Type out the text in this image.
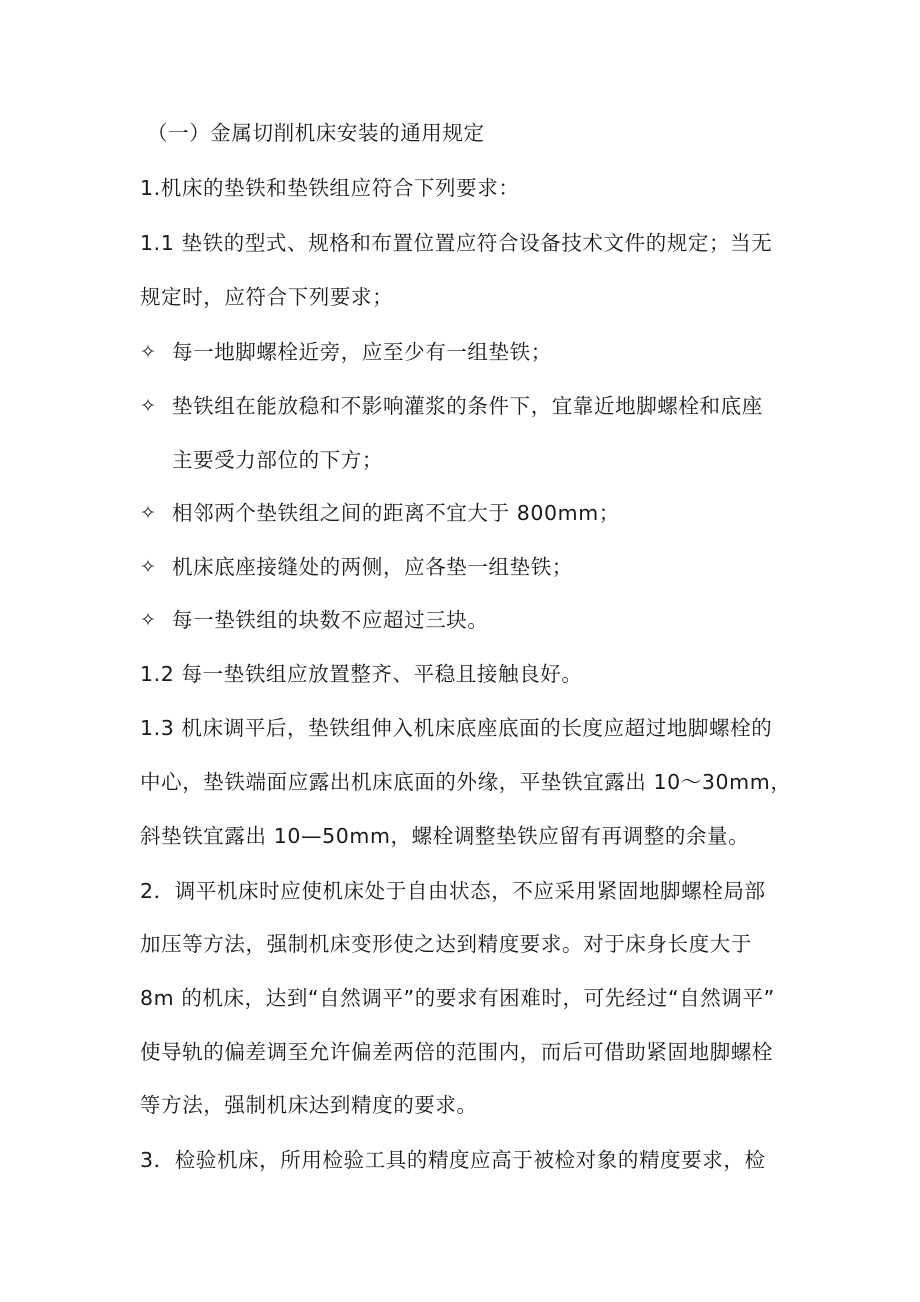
（一）金属切削机床安装的通用规定
1.机床的垫铁和垫铁组应符合下列要求：
1.1 垫铁的型式、规格和布置位置应符合设备技术文件的规定；当无
规定时，应符合下列要求；
✧ 每一地脚螺栓近旁，应至少有一组垫铁；
✧ 垫铁组在能放稳和不影响灌浆的条件下，宜靠近地脚螺栓和底座
主要受力部位的下方；
✧ 相邻两个垫铁组之间的距离不宜大于 800mm；
✧ 机床底座接缝处的两侧，应各垫一组垫铁；
✧ 每一垫铁组的块数不应超过三块。
1.2 每一垫铁组应放置整齐、平稳且接触良好。
1.3 机床调平后，垫铁组伸入机床底座底面的长度应超过地脚螺栓的
中心，垫铁端面应露出机床底面的外缘，平垫铁宜露出 10～30mm，
斜垫铁宜露出 10—50mm，螺栓调整垫铁应留有再调整的余量。
2．调平机床时应使机床处于自由状态，不应采用紧固地脚螺栓局部
加压等方法，强制机床变形使之达到精度要求。对于床身长度大于
8m 的机床，达到“自然调平”的要求有困难时，可先经过“自然调平”
使导轨的偏差调至允许偏差两倍的范围内，而后可借助紧固地脚螺栓
等方法，强制机床达到精度的要求。
3．检验机床，所用检验工具的精度应高于被检对象的精度要求，检
